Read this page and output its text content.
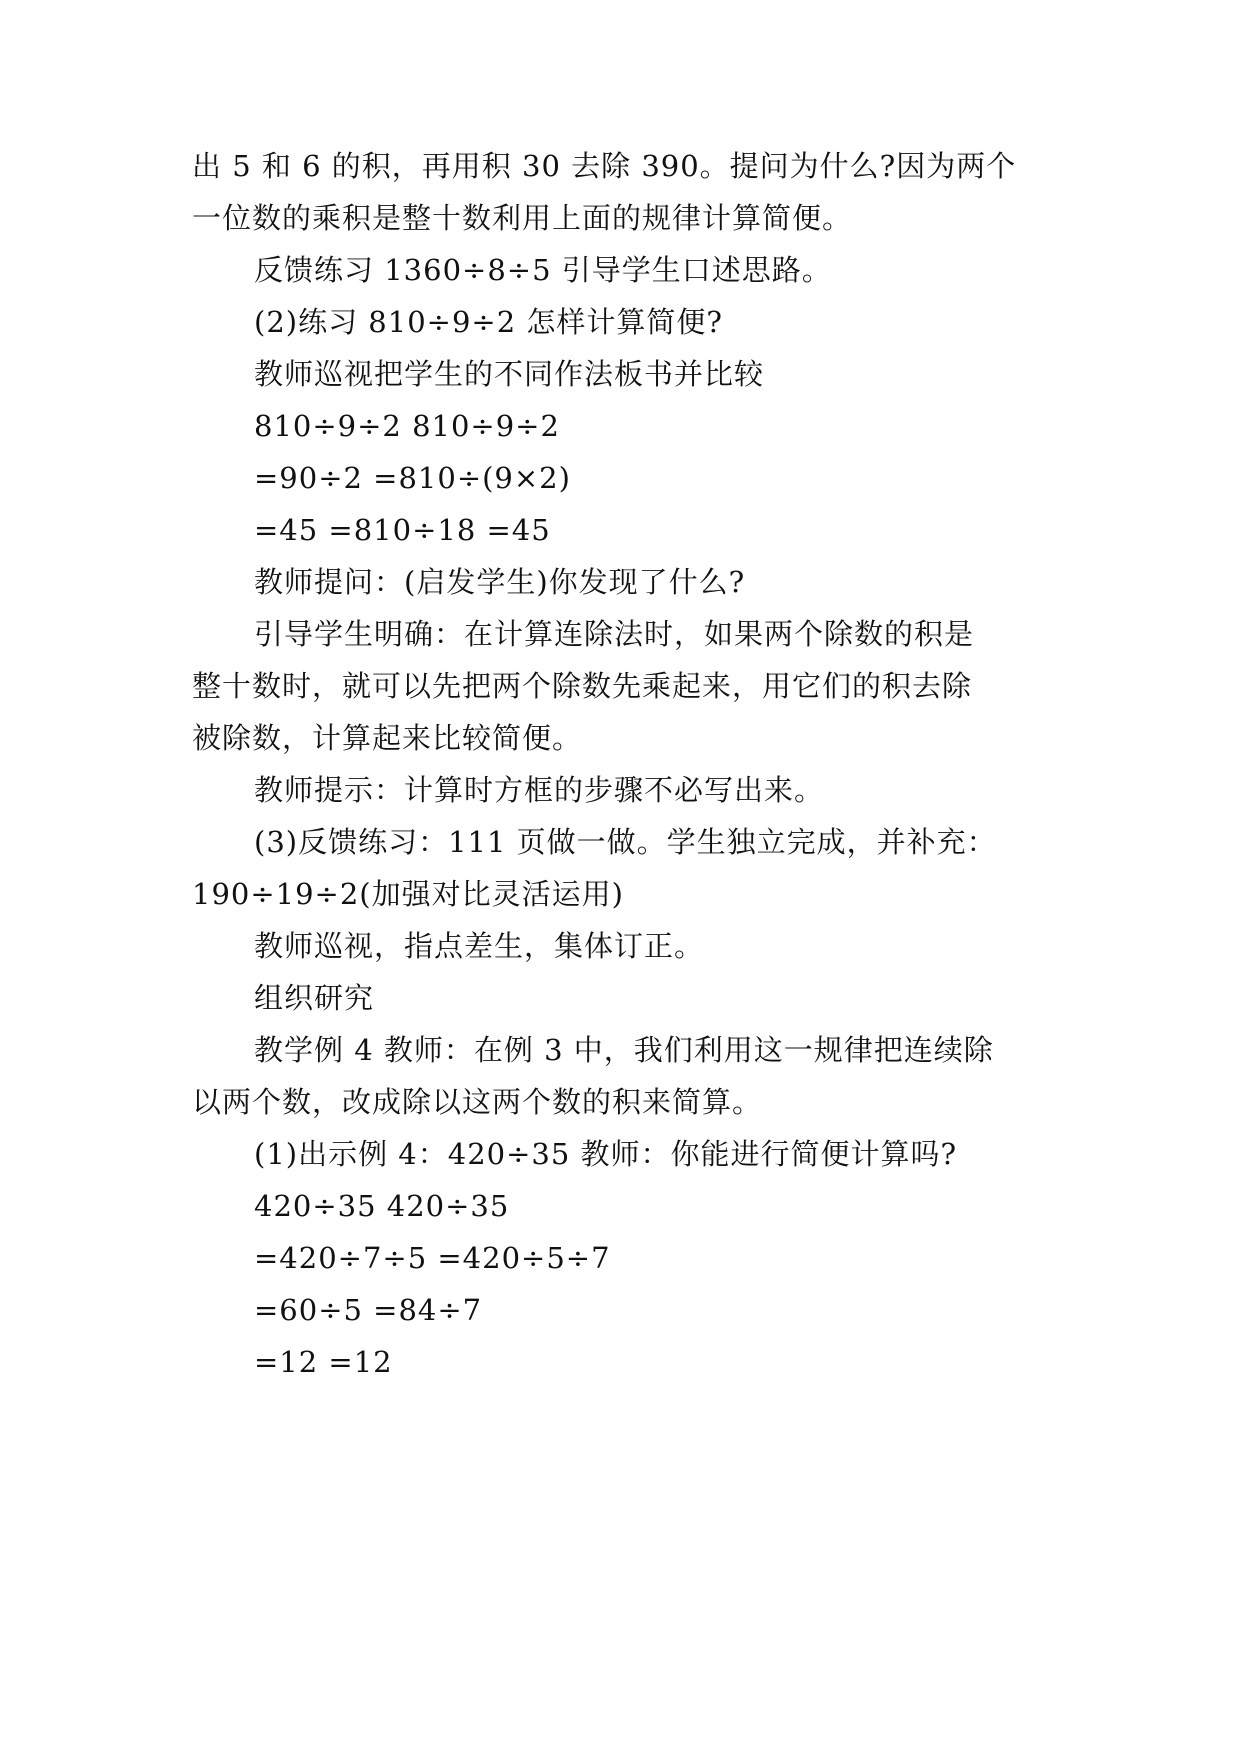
出 5 和 6 的积，再用积 30 去除 390。提问为什么?因为两个
一位数的乘积是整十数利用上面的规律计算简便。
反馈练习 1360÷8÷5 引导学生口述思路。
(2)练习 810÷9÷2 怎样计算简便?
教师巡视把学生的不同作法板书并比较
810÷9÷2 810÷9÷2
=90÷2 =810÷(9×2)
=45 =810÷18 =45
教师提问：(启发学生)你发现了什么?
引导学生明确：在计算连除法时，如果两个除数的积是
整十数时，就可以先把两个除数先乘起来，用它们的积去除
被除数，计算起来比较简便。
教师提示：计算时方框的步骤不必写出来。
(3)反馈练习：111 页做一做。学生独立完成，并补充：
190÷19÷2(加强对比灵活运用)
教师巡视，指点差生，集体订正。
组织研究
教学例 4 教师：在例 3 中，我们利用这一规律把连续除
以两个数，改成除以这两个数的积来简算。
(1)出示例 4：420÷35 教师：你能进行简便计算吗?
420÷35 420÷35
=420÷7÷5 =420÷5÷7
=60÷5 =84÷7
=12 =12
